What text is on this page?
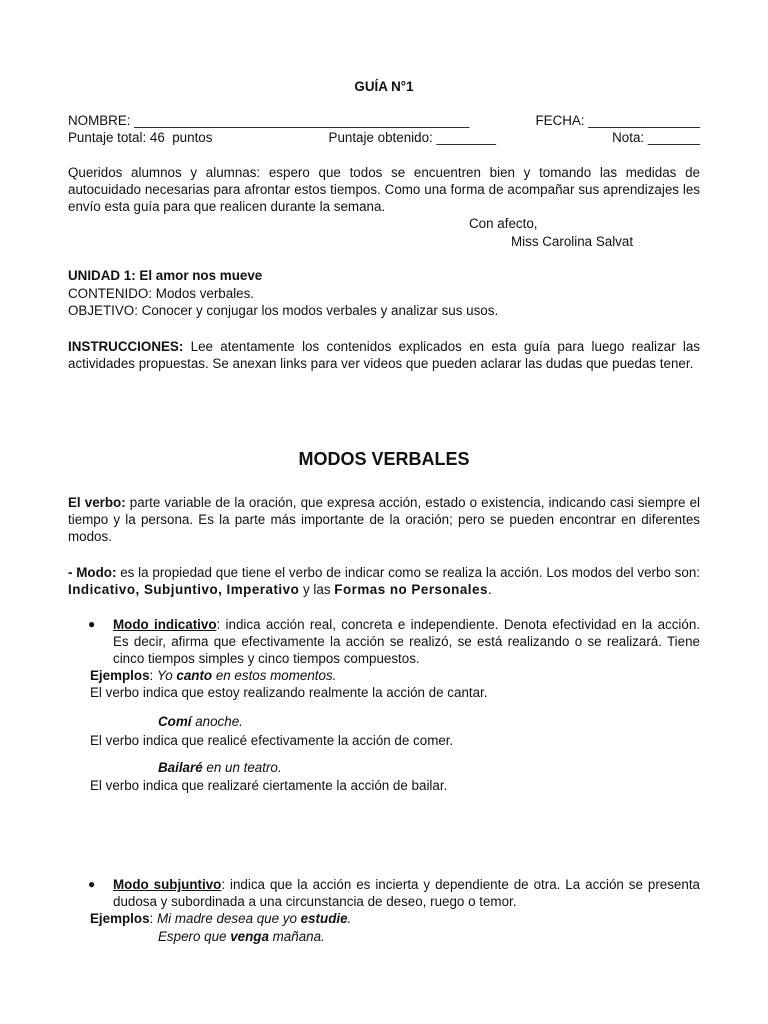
GUÍA N°1
NOMBRE: _____________________________________________	FECHA: _______________
Puntaje total: 46  puntos	Puntaje obtenido: ________	Nota: _______
Queridos alumnos y alumnas: espero que todos se encuentren bien y tomando las medidas de autocuidado necesarias para afrontar estos tiempos. Como una forma de acompañar sus aprendizajes les envío esta guía para que realicen durante la semana.
Con afecto,
Miss Carolina Salvat
UNIDAD 1: El amor nos mueve
CONTENIDO: Modos verbales.
OBJETIVO: Conocer y conjugar los modos verbales y analizar sus usos.
INSTRUCCIONES: Lee atentamente los contenidos explicados en esta guía para luego realizar las actividades propuestas. Se anexan links para ver videos que pueden aclarar las dudas que puedas tener.
MODOS VERBALES
El verbo: parte variable de la oración, que expresa acción, estado o existencia, indicando casi siempre el tiempo y la persona. Es la parte más importante de la oración; pero se pueden encontrar en diferentes modos.
- Modo: es la propiedad que tiene el verbo de indicar como se realiza la acción. Los modos del verbo son: Indicativo, Subjuntivo, Imperativo y las Formas no Personales.
● Modo indicativo: indica acción real, concreta e independiente. Denota efectividad en la acción. Es decir, afirma que efectivamente la acción se realizó, se está realizando o se realizará. Tiene cinco tiempos simples y cinco tiempos compuestos.
Ejemplos: Yo canto en estos momentos.
El verbo indica que estoy realizando realmente la acción de cantar.
Comí anoche.
El verbo indica que realicé efectivamente la acción de comer.
Bailaré en un teatro.
El verbo indica que realizaré ciertamente la acción de bailar.
● Modo subjuntivo: indica que la acción es incierta y dependiente de otra. La acción se presenta dudosa y subordinada a una circunstancia de deseo, ruego o temor.
Ejemplos: Mi madre desea que yo estudie.
Espero que venga mañana.
